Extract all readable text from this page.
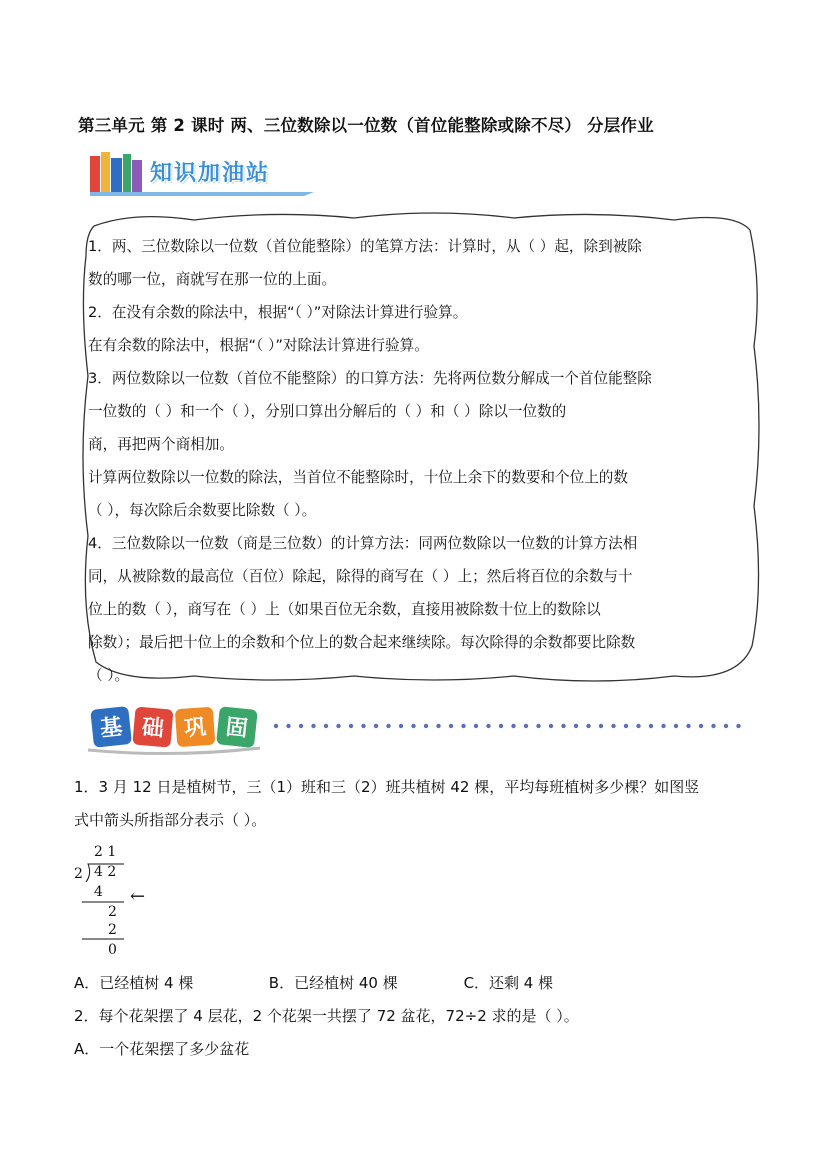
第三单元 第 2 课时 两、三位数除以一位数（首位能整除或除不尽） 分层作业
知识加油站
1．两、三位数除以一位数（首位能整除）的笔算方法：计算时，从（ ）起，除到被除
数的哪一位，商就写在那一位的上面。
2．在没有余数的除法中，根据“（ ）”对除法计算进行验算。
在有余数的除法中，根据“（ ）”对除法计算进行验算。
3．两位数除以一位数（首位不能整除）的口算方法：先将两位数分解成一个首位能整除
一位数的（ ）和一个（ ），分别口算出分解后的（ ）和（ ）除以一位数的
商，再把两个商相加。
计算两位数除以一位数的除法，当首位不能整除时，十位上余下的数要和个位上的数
（ ），每次除后余数要比除数（ ）。
4．三位数除以一位数（商是三位数）的计算方法：同两位数除以一位数的计算方法相
同，从被除数的最高位（百位）除起，除得的商写在（ ）上；然后将百位的余数与十
位上的数（ ），商写在（ ）上（如果百位无余数，直接用被除数十位上的数除以
除数）；最后把十位上的余数和个位上的数合起来继续除。每次除得的余数都要比除数
（ ）。
基 础 巩 固
1．3 月 12 日是植树节，三（1）班和三（2）班共植树 42 棵，平均每班植树多少棵？如图竖
式中箭头所指部分表示（ ）。
2 1
2 4 2
4 ←
2
2
0
A．已经植树 4 棵	B．已经植树 40 棵	C．还剩 4 棵
2．每个花架摆了 4 层花，2 个花架一共摆了 72 盆花，72÷2 求的是（ ）。
A．一个花架摆了多少盆花
